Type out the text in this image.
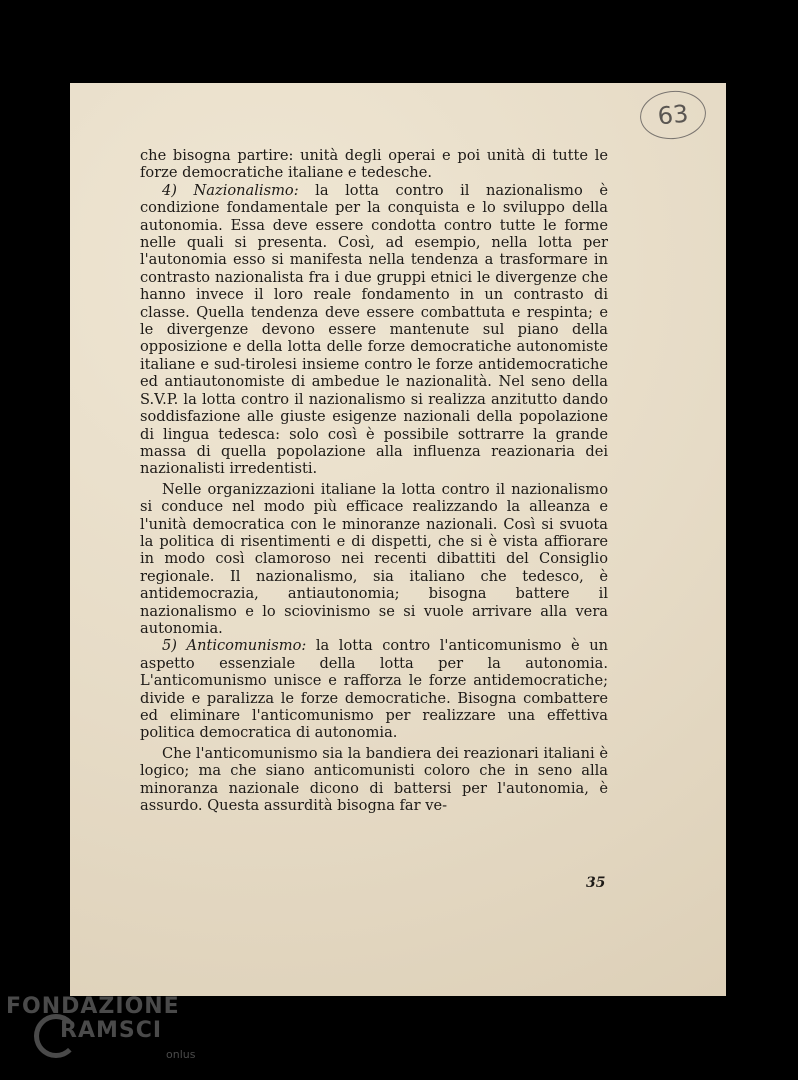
63

che bisogna partire: unità degli operai e poi unità di tutte le forze democratiche italiane e tedesche.

4) Nazionalismo: la lotta contro il nazionalismo è condizione fondamentale per la conquista e lo sviluppo della autonomia. Essa deve essere condotta contro tutte le forme nelle quali si presenta. Così, ad esempio, nella lotta per l'autonomia esso si manifesta nella tendenza a trasformare in contrasto nazionalista fra i due gruppi etnici le divergenze che hanno invece il loro reale fondamento in un contrasto di classe. Quella tendenza deve essere combattuta e respinta; e le divergenze devono essere mantenute sul piano della opposizione e della lotta delle forze democratiche autonomiste italiane e sud-tirolesi insieme contro le forze antidemocratiche ed antiautonomiste di ambedue le nazionalità. Nel seno della S.V.P. la lotta contro il nazionalismo si realizza anzitutto dando soddisfazione alle giuste esigenze nazionali della popolazione di lingua tedesca: solo così è possibile sottrarre la grande massa di quella popolazione alla influenza reazionaria dei nazionalisti irredentisti.

Nelle organizzazioni italiane la lotta contro il nazionalismo si conduce nel modo più efficace realizzando la alleanza e l'unità democratica con le minoranze nazionali. Così si svuota la politica di risentimenti e di dispetti, che si è vista affiorare in modo così clamoroso nei recenti dibattiti del Consiglio regionale. Il nazionalismo, sia italiano che tedesco, è antidemocrazia, antiautonomia; bisogna battere il nazionalismo e lo sciovinismo se si vuole arrivare alla vera autonomia.

5) Anticomunismo: la lotta contro l'anticomunismo è un aspetto essenziale della lotta per la autonomia. L'anticomunismo unisce e rafforza le forze antidemocratiche; divide e paralizza le forze democratiche. Bisogna combattere ed eliminare l'anticomunismo per realizzare una effettiva politica democratica di autonomia.

Che l'anticomunismo sia la bandiera dei reazionari italiani è logico; ma che siano anticomunisti coloro che in seno alla minoranza nazionale dicono di battersi per l'autonomia, è assurdo. Questa assurdità bisogna far ve-

35
FONDAZIONE
RAMSCI
onlus
